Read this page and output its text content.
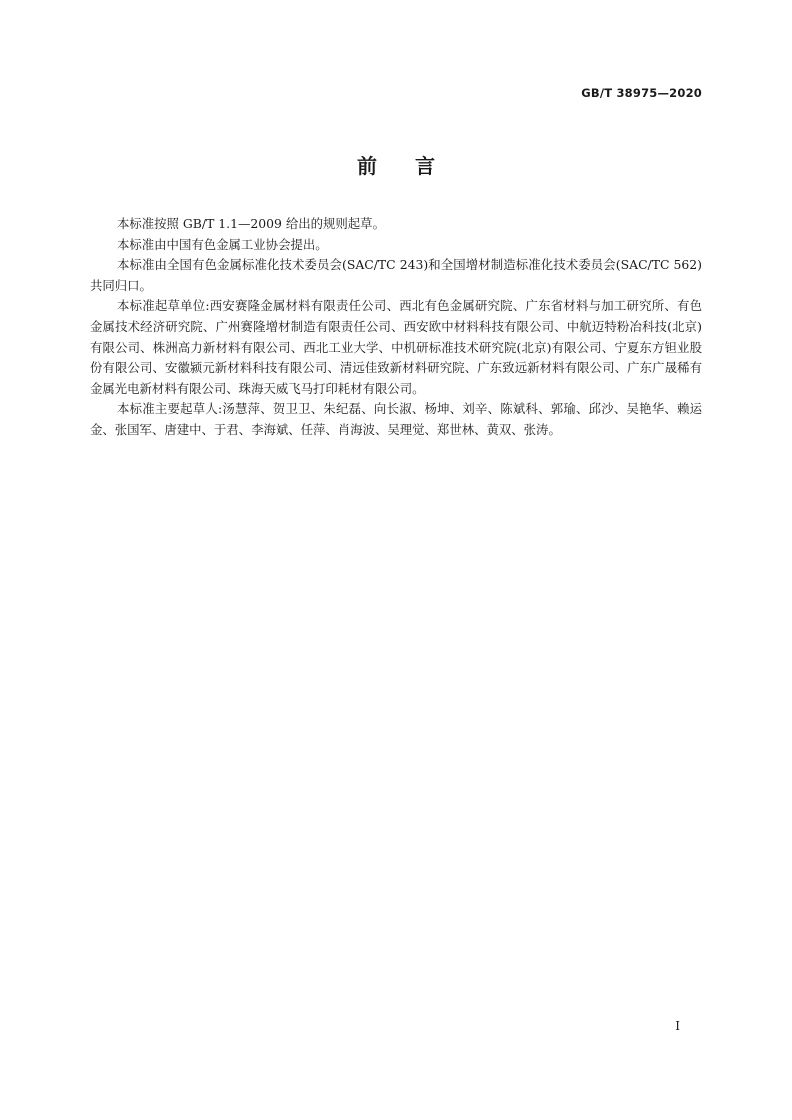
GB/T 38975—2020
前言

本标准按照 GB/T 1.1—2009 给出的规则起草。

本标准由中国有色金属工业协会提出。

本标准由全国有色金属标准化技术委员会(SAC/TC 243)和全国增材制造标准化技术委员会(SAC/TC 562)共同归口。

本标准起草单位:西安赛隆金属材料有限责任公司、西北有色金属研究院、广东省材料与加工研究所、有色金属技术经济研究院、广州赛隆增材制造有限责任公司、西安欧中材料科技有限公司、中航迈特粉冶科技(北京)有限公司、株洲高力新材料有限公司、西北工业大学、中机研标准技术研究院(北京)有限公司、宁夏东方钽业股份有限公司、安徽颍元新材料科技有限公司、清远佳致新材料研究院、广东致远新材料有限公司、广东广晟稀有金属光电新材料有限公司、珠海天威飞马打印耗材有限公司。

本标准主要起草人:汤慧萍、贺卫卫、朱纪磊、向长淑、杨坤、刘辛、陈斌科、郭瑜、邱沙、吴艳华、赖运金、张国军、唐建中、于君、李海斌、任萍、肖海波、吴理觉、郑世林、黄双、张涛。

I
